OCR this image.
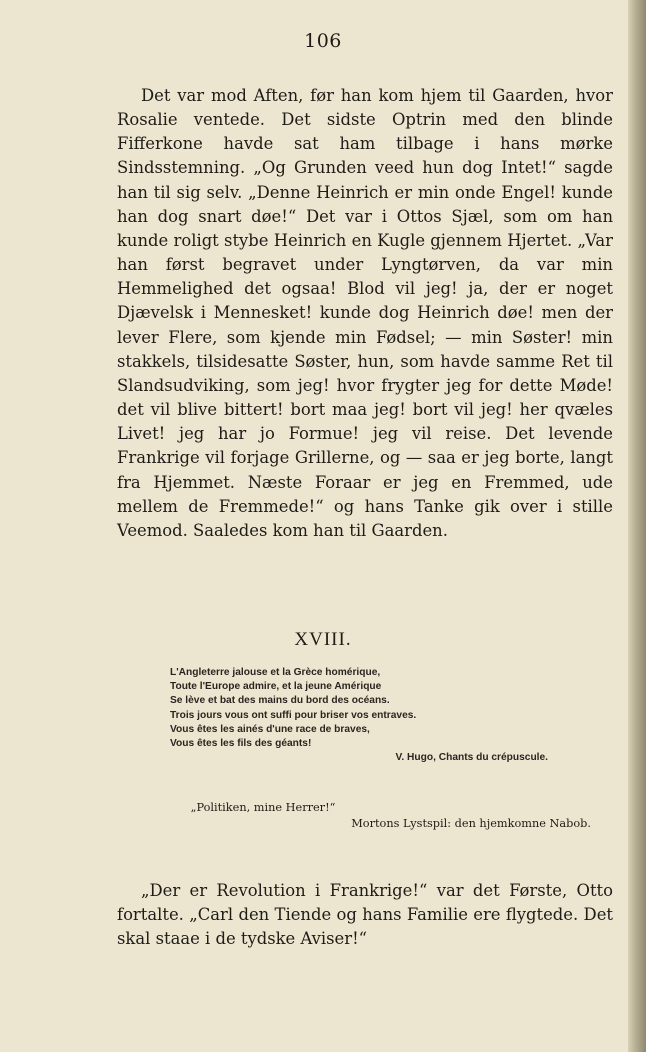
106

Det var mod Aften, før han kom hjem til Gaarden, hvor Rosalie ventede. Det sidste Optrin med den blinde Fifferkone havde sat ham tilbage i hans mørke Sindsstemning. „Og Grunden veed hun dog Intet!“ sagde han til sig selv. „Denne Heinrich er min onde Engel! kunde han dog snart døe!“ Det var i Ottos Sjæl, som om han kunde roligt stybe Heinrich en Kugle gjennem Hjertet. „Var han først begravet under Lyngtørven, da var min Hemmelighed det ogsaa! Blod vil jeg! ja, der er noget Djævelsk i Mennesket! kunde dog Heinrich døe! men der lever Flere, som kjende min Fødsel; — min Søster! min stakkels, tilsidesatte Søster, hun, som havde samme Ret til Slandsudviking, som jeg! hvor frygter jeg for dette Møde! det vil blive bittert! bort maa jeg! bort vil jeg! her qvæles Livet! jeg har jo Formue! jeg vil reise. Det levende Frankrige vil forjage Grillerne, og — saa er jeg borte, langt fra Hjemmet. Næste Foraar er jeg en Fremmed, ude mellem de Fremmede!“ og hans Tanke gik over i stille Veemod. Saaledes kom han til Gaarden.

XVIII.
L'Angleterre jalouse et la Grèce homérique,
Toute l'Europe admire, et la jeune Amérique
Se lève et bat des mains du bord des océans.
Trois jours vous ont suffi pour briser vos entraves.
Vous êtes les ainés d'une race de braves,
Vous êtes les fils des géants!
V. Hugo, Chants du crépuscule.
„Politiken, mine Herrer!“
Mortons Lystspil: den hjemkomne Nabob.

„Der er Revolution i Frankrige!“ var det Første, Otto fortalte. „Carl den Tiende og hans Familie ere flygtede. Det skal staae i de tydske Aviser!“
